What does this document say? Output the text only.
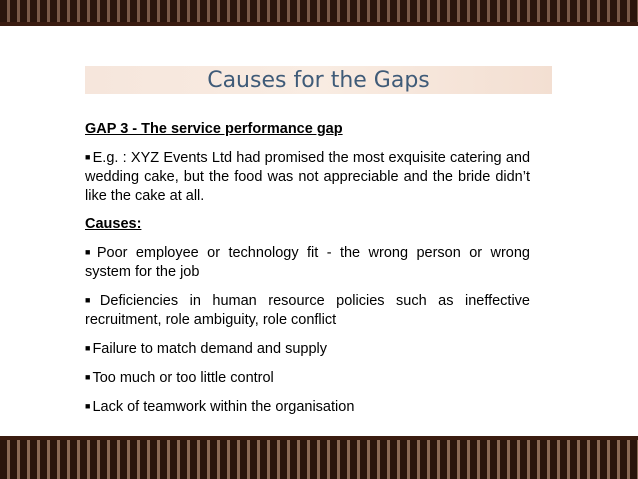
Causes for the Gaps

GAP 3 - The service performance gap

■ E.g. : XYZ Events Ltd had promised the most exquisite catering and wedding cake, but the food was not appreciable and the bride didn’t like the cake at all.

Causes:

■ Poor employee or technology fit - the wrong person or wrong system for the job

■ Deficiencies in human resource policies such as ineffective recruitment, role ambiguity, role conflict

■ Failure to match demand and supply

■ Too much or too little control

■ Lack of teamwork within the organisation
